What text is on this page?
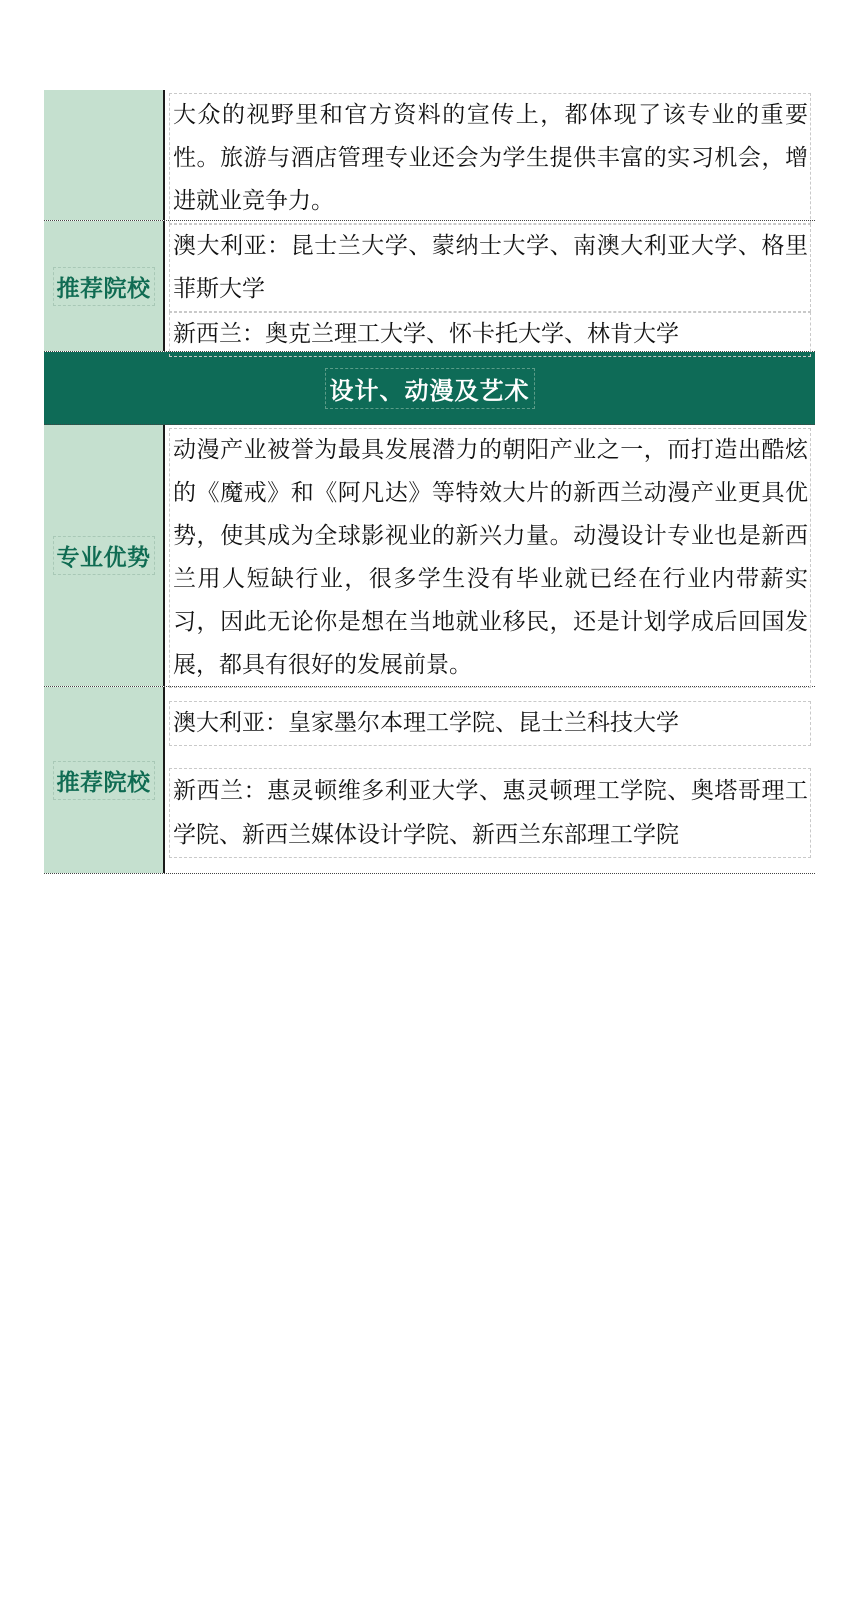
大众的视野里和官方资料的宣传上，都体现了该专业的重要性。旅游与酒店管理专业还会为学生提供丰富的实习机会，增进就业竞争力。
推荐院校
澳大利亚：昆士兰大学、蒙纳士大学、南澳大利亚大学、格里菲斯大学
新西兰：奥克兰理工大学、怀卡托大学、林肯大学
设计、动漫及艺术
专业优势
动漫产业被誉为最具发展潜力的朝阳产业之一，而打造出酷炫的《魔戒》和《阿凡达》等特效大片的新西兰动漫产业更具优势，使其成为全球影视业的新兴力量。动漫设计专业也是新西兰用人短缺行业，很多学生没有毕业就已经在行业内带薪实习，因此无论你是想在当地就业移民，还是计划学成后回国发展，都具有很好的发展前景。
推荐院校
澳大利亚：皇家墨尔本理工学院、昆士兰科技大学
新西兰：惠灵顿维多利亚大学、惠灵顿理工学院、奥塔哥理工学院、新西兰媒体设计学院、新西兰东部理工学院
